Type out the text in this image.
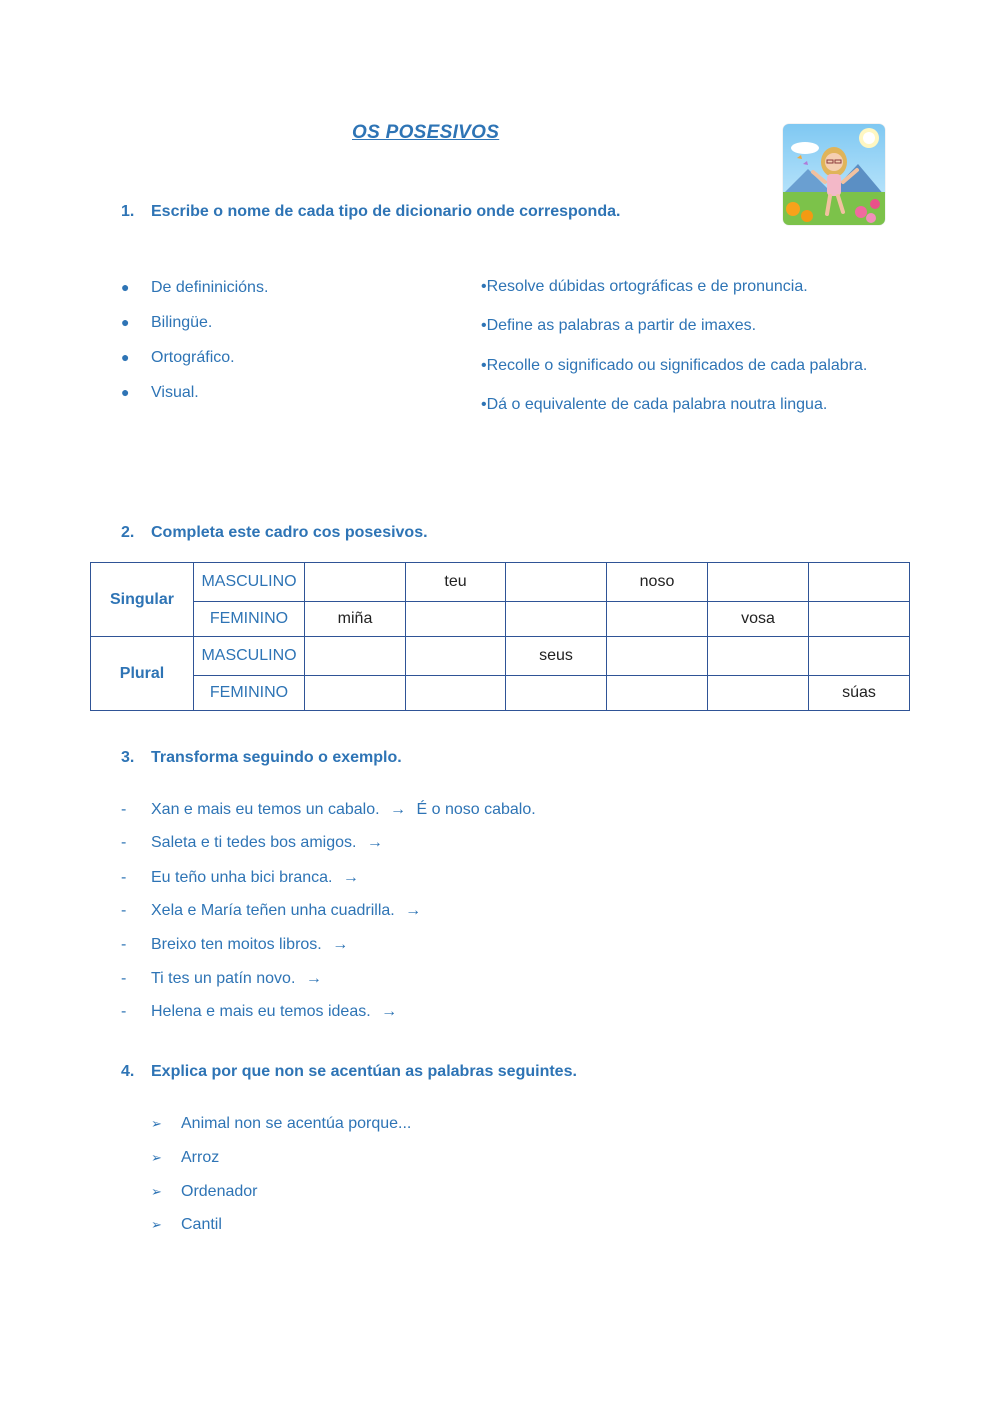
OS POSESIVOS
1. Escribe o nome de cada tipo de dicionario onde corresponda.
● De defininicións.
● Bilingüe.
● Ortográfico.
● Visual.
•Resolve dúbidas ortográficas e de pronuncia.
•Define as palabras a partir de imaxes.
•Recolle o significado ou significados de cada palabra.
•Dá o equivalente de cada palabra noutra lingua.
2. Completa este cadro cos posesivos.
Singular	MASCULINO		teu		noso		
	FEMININO	miña				vosa	
Plural	MASCULINO			seus			
	FEMININO						súas
3. Transforma seguindo o exemplo.
- Xan e mais eu temos un cabalo. → É o noso cabalo.
- Saleta e ti tedes bos amigos. →
- Eu teño unha bici branca. →
- Xela e María teñen unha cuadrilla. →
- Breixo ten moitos libros. →
- Ti tes un patín novo. →
- Helena e mais eu temos ideas. →
4. Explica por que non se acentúan as palabras seguintes.
➢ Animal non se acentúa porque...
➢ Arroz
➢ Ordenador
➢ Cantil
